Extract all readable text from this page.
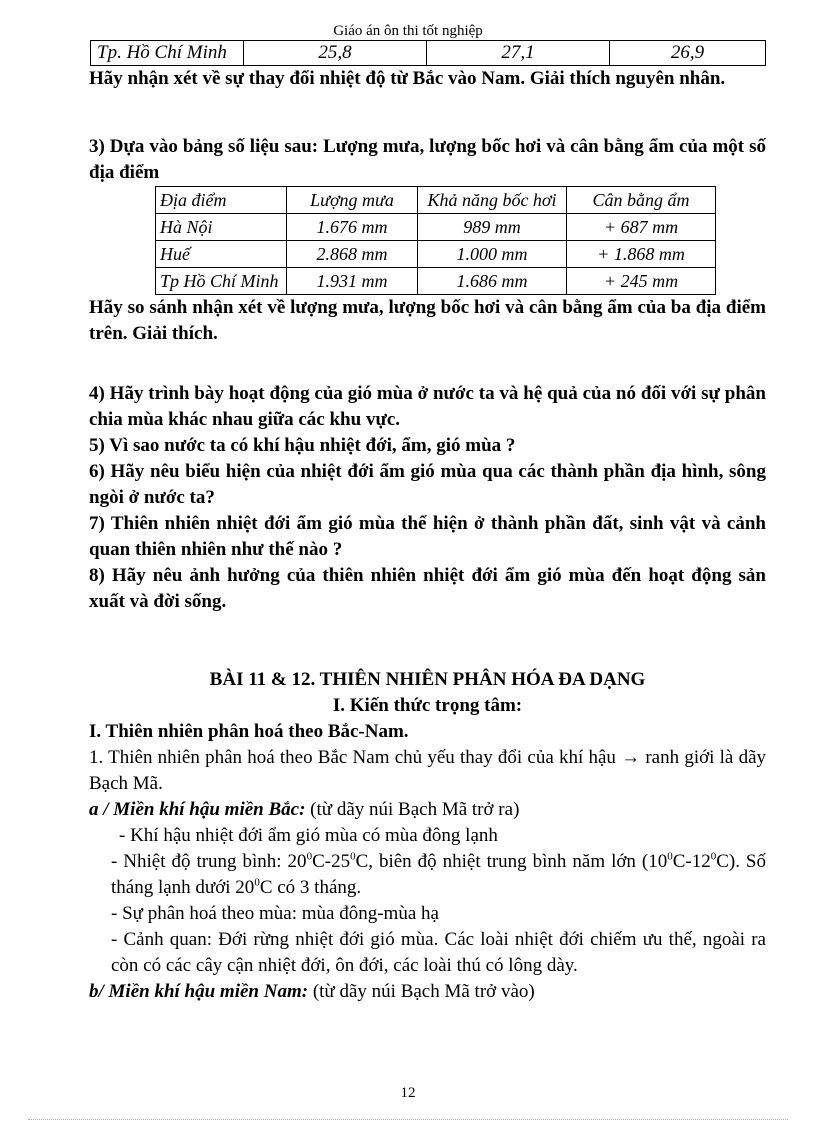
Giáo án ôn thi tốt nghiệp
Tp. Hồ Chí Minh	25,8	27,1	26,9
Hãy nhận xét về sự thay đổi nhiệt độ từ Bắc vào Nam. Giải thích nguyên nhân.
3) Dựa vào bảng số liệu sau: Lượng mưa, lượng bốc hơi và cân bằng ẩm của một số địa điểm
Địa điểm	Lượng mưa	Khả năng bốc hơi	Cân bằng ẩm
Hà Nội	1.676 mm	989 mm	+ 687 mm
Huế	2.868 mm	1.000 mm	+ 1.868 mm
Tp Hồ Chí Minh	1.931 mm	1.686 mm	+ 245 mm
Hãy so sánh nhận xét về lượng mưa, lượng bốc hơi và cân bằng ẩm của ba địa điểm trên. Giải thích.
4) Hãy trình bày hoạt động của gió mùa ở nước ta và hệ quả của nó đối với sự phân chia mùa khác nhau giữa các khu vực.
5) Vì sao nước ta có khí hậu nhiệt đới, ẩm, gió mùa ?
6) Hãy nêu biểu hiện của nhiệt đới ẩm gió mùa qua các thành phần địa hình, sông ngòi ở nước ta?
7) Thiên nhiên nhiệt đới ẩm gió mùa thể hiện ở thành phần đất, sinh vật và cảnh quan thiên nhiên như thế nào ?
8) Hãy nêu ảnh hưởng của thiên nhiên nhiệt đới ẩm gió mùa đến hoạt động sản xuất và đời sống.
BÀI 11 & 12. THIÊN NHIÊN PHÂN HÓA ĐA DẠNG
I. Kiến thức trọng tâm:
I. Thiên nhiên phân hoá theo Bắc-Nam.
1. Thiên nhiên phân hoá theo Bắc Nam chủ yếu thay đổi của khí hậu → ranh giới là dãy Bạch Mã.
a / Miền khí hậu miền Bắc: (từ dãy núi Bạch Mã trở ra)
- Khí hậu nhiệt đới ẩm gió mùa có mùa đông lạnh
- Nhiệt độ trung bình: $20^0C-25^0C$, biên độ nhiệt trung bình năm lớn $(10^0C-12^0C)$. Số tháng lạnh dưới $20^0C$ có 3 tháng.
- Sự phân hoá theo mùa: mùa đông-mùa hạ
- Cảnh quan: Đới rừng nhiệt đới gió mùa. Các loài nhiệt đới chiếm ưu thế, ngoài ra còn có các cây cận nhiệt đới, ôn đới, các loài thú có lông dày.
b/ Miền khí hậu miền Nam: (từ dãy núi Bạch Mã trở vào)
12
